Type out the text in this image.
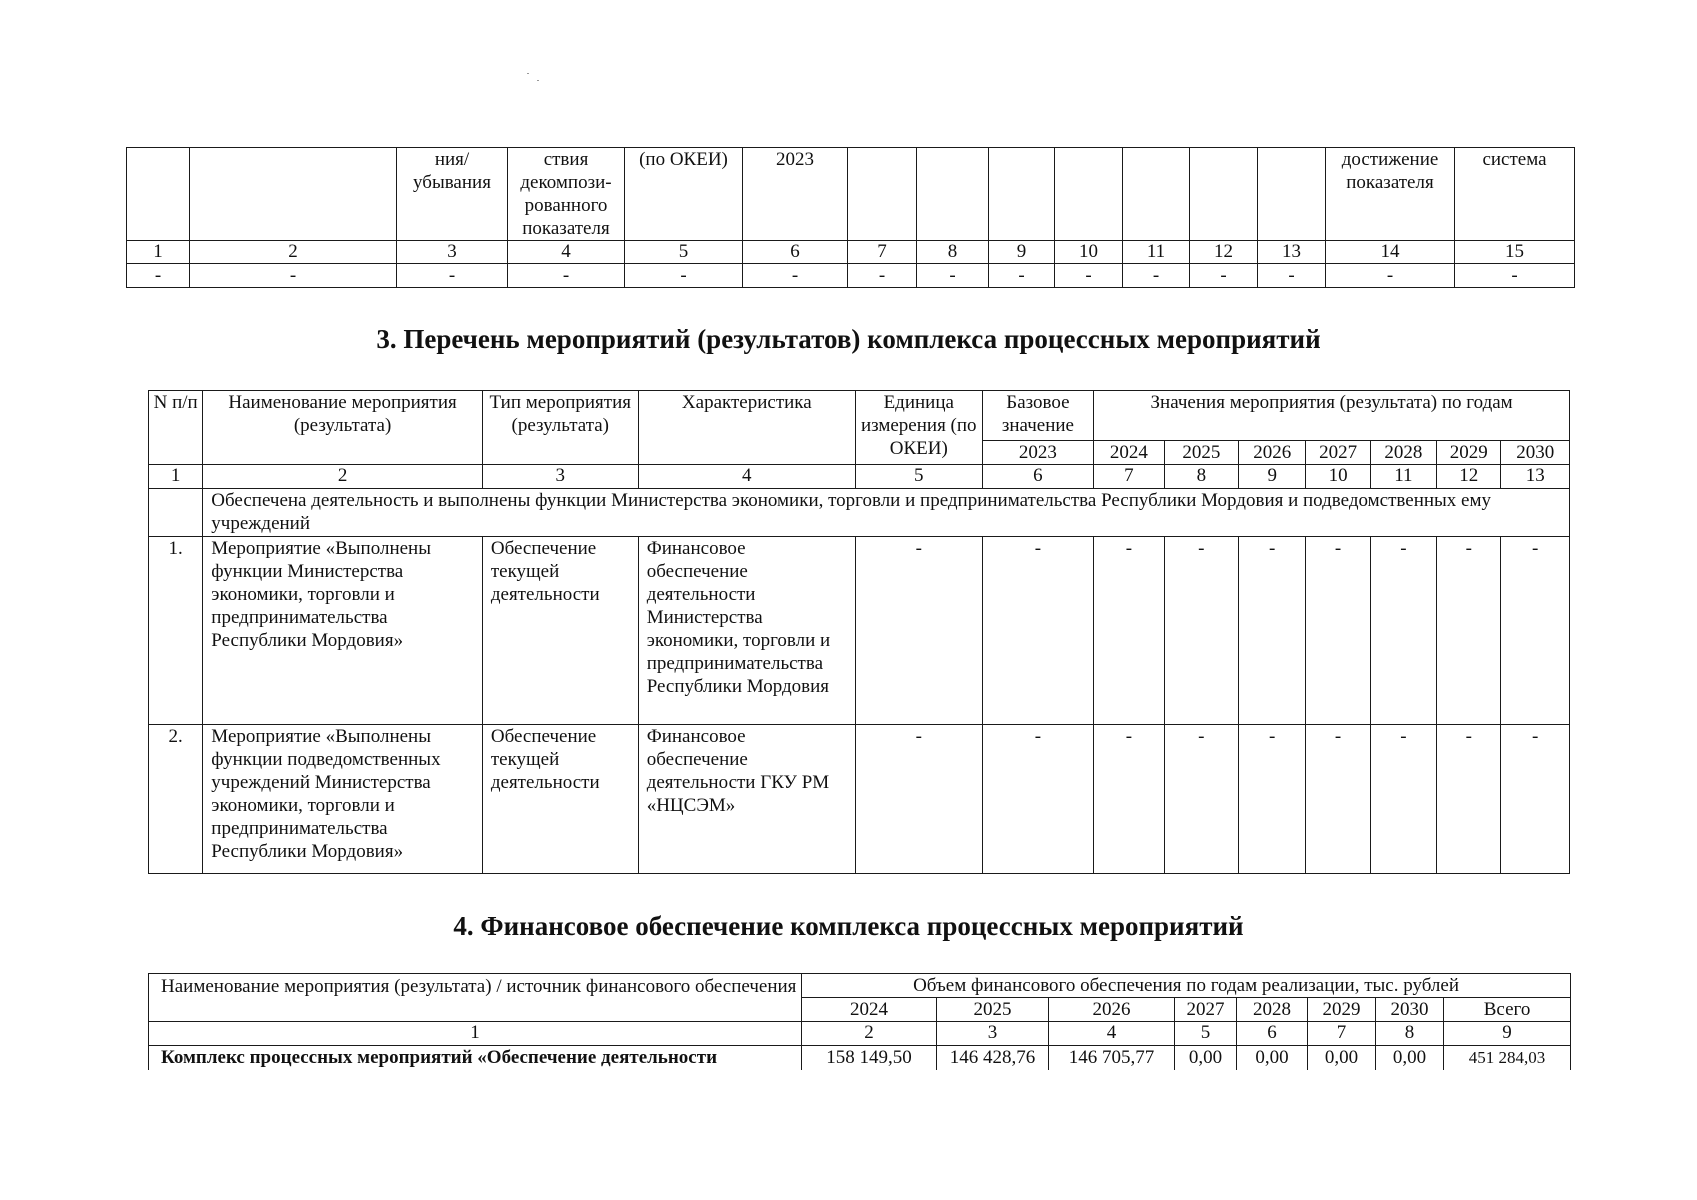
		ния/ убывания	ствия декомпози-рованного показателя	(по ОКЕИ)	2023								достижение показателя	система
1	2	3	4	5	6	7	8	9	10	11	12	13	14	15
-	-	-	-	-	-	-	-	-	-	-	-	-	-	-
3. Перечень мероприятий (результатов) комплекса процессных мероприятий
N п/п	Наименование мероприятия (результата)	Тип мероприятия (результата)	Характеристика	Единица измерения (по ОКЕИ)	Базовое значение	Значения мероприятия (результата) по годам						
					2023	2024	2025	2026	2027	2028	2029	2030
1	2	3	4	5	6	7	8	9	10	11	12	13
	Обеспечена деятельность и выполнены функции Министерства экономики, торговли и предпринимательства Республики Мордовия и подведомственных ему учреждений											
1.	Мероприятие «Выполнены функции Министерства экономики, торговли и предпринимательства Республики Мордовия»	Обеспечение текущей деятельности	Финансовое обеспечение деятельности Министерства экономики, торговли и предпринимательства Республики Мордовия	-	-	-	-	-	-	-	-	-
2.	Мероприятие «Выполнены функции подведомственных учреждений Министерства экономики, торговли и предпринимательства Республики Мордовия»	Обеспечение текущей деятельности	Финансовое обеспечение деятельности ГКУ РМ «НЦСЭМ»	-	-	-	-	-	-	-	-	-
4. Финансовое обеспечение комплекса процессных мероприятий
Наименование мероприятия (результата) / источник финансового обеспечения	Объем финансового обеспечения по годам реализации, тыс. рублей							
	2024	2025	2026	2027	2028	2029	2030	Всего
1	2	3	4	5	6	7	8	9
Комплекс процессных мероприятий «Обеспечение деятельности	158 149,50	146 428,76	146 705,77	0,00	0,00	0,00	0,00	451 284,03
